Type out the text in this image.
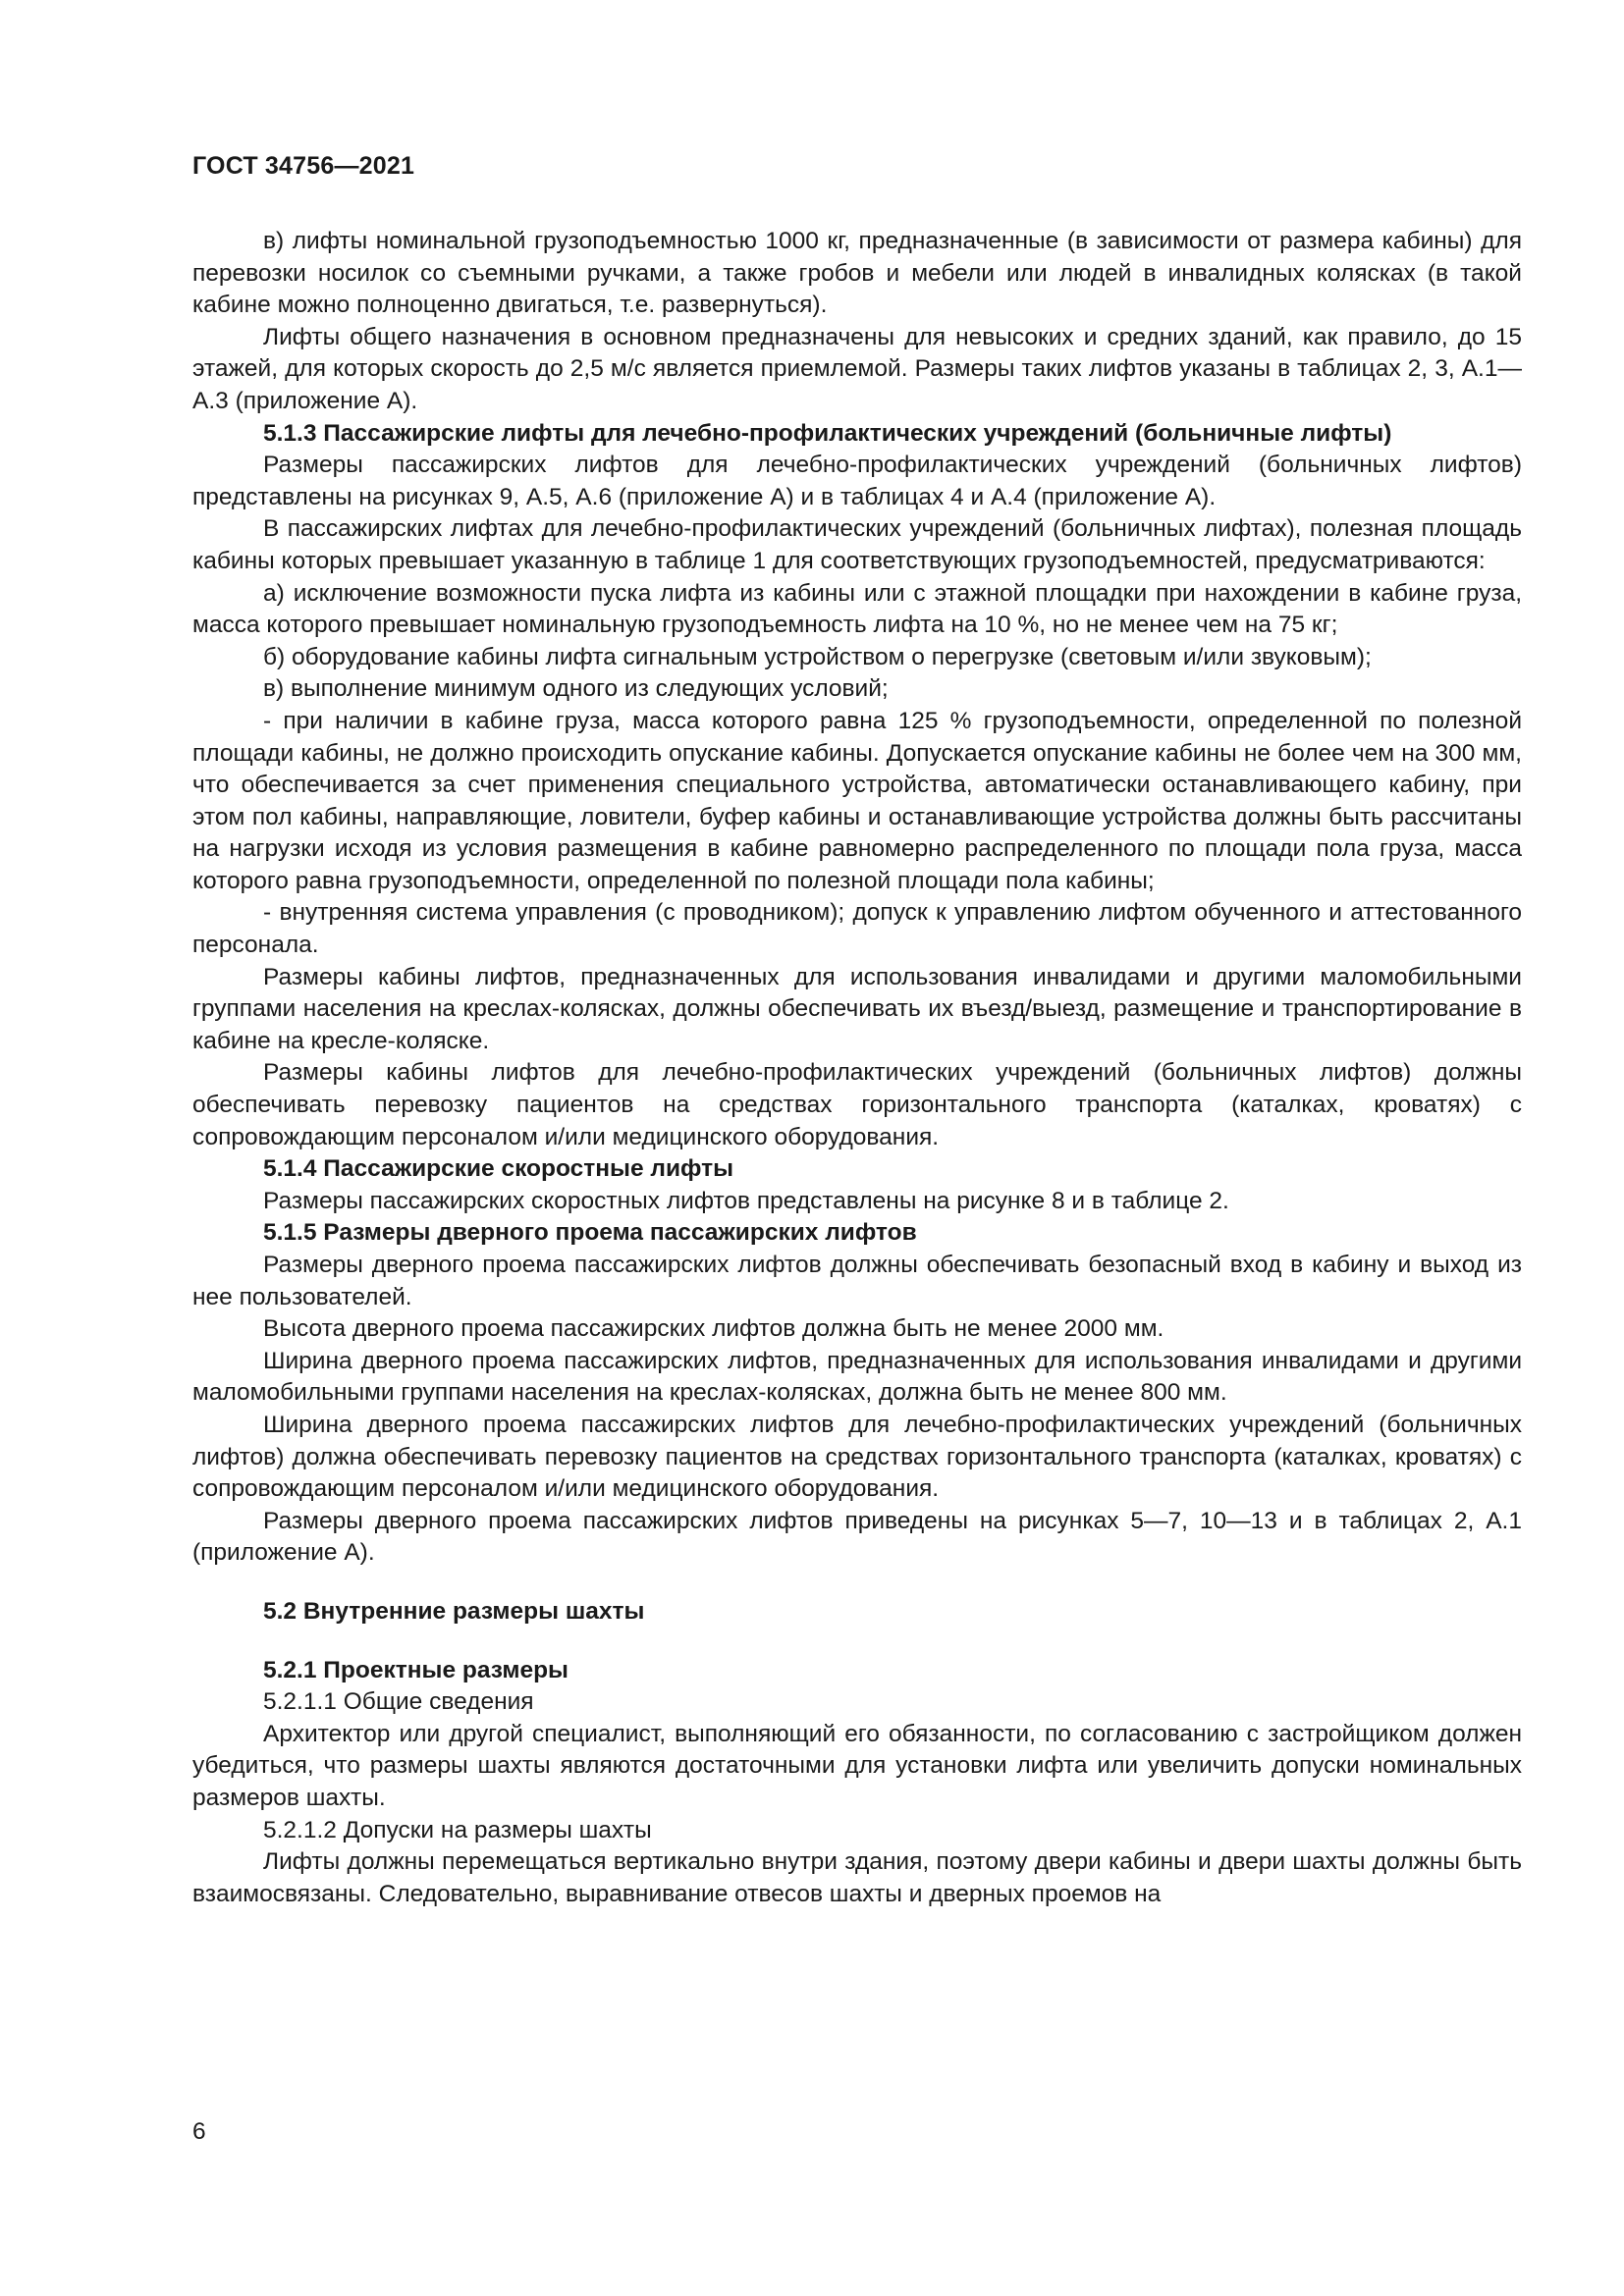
ГОСТ 34756—2021

в) лифты номинальной грузоподъемностью 1000 кг, предназначенные (в зависимости от размера кабины) для перевозки носилок со съемными ручками, а также гробов и мебели или людей в инвалидных колясках (в такой кабине можно полноценно двигаться, т.е. развернуться).

Лифты общего назначения в основном предназначены для невысоких и средних зданий, как правило, до 15 этажей, для которых скорость до 2,5 м/с является приемлемой. Размеры таких лифтов указаны в таблицах 2, 3, А.1—А.3 (приложение А).

5.1.3 Пассажирские лифты для лечебно-профилактических учреждений (больничные лифты)

Размеры пассажирских лифтов для лечебно-профилактических учреждений (больничных лифтов) представлены на рисунках 9, А.5, А.6 (приложение А) и в таблицах 4 и А.4 (приложение А).

В пассажирских лифтах для лечебно-профилактических учреждений (больничных лифтах), полезная площадь кабины которых превышает указанную в таблице 1 для соответствующих грузоподъемностей, предусматриваются:

а) исключение возможности пуска лифта из кабины или с этажной площадки при нахождении в кабине груза, масса которого превышает номинальную грузоподъемность лифта на 10 %, но не менее чем на 75 кг;

б) оборудование кабины лифта сигнальным устройством о перегрузке (световым и/или звуковым);

в) выполнение минимум одного из следующих условий;

- при наличии в кабине груза, масса которого равна 125 % грузоподъемности, определенной по полезной площади кабины, не должно происходить опускание кабины. Допускается опускание кабины не более чем на 300 мм, что обеспечивается за счет применения специального устройства, автоматически останавливающего кабину, при этом пол кабины, направляющие, ловители, буфер кабины и останавливающие устройства должны быть рассчитаны на нагрузки исходя из условия размещения в кабине равномерно распределенного по площади пола груза, масса которого равна грузоподъемности, определенной по полезной площади пола кабины;

- внутренняя система управления (с проводником); допуск к управлению лифтом обученного и аттестованного персонала.

Размеры кабины лифтов, предназначенных для использования инвалидами и другими маломобильными группами населения на креслах-колясках, должны обеспечивать их въезд/выезд, размещение и транспортирование в кабине на кресле-коляске.

Размеры кабины лифтов для лечебно-профилактических учреждений (больничных лифтов) должны обеспечивать перевозку пациентов на средствах горизонтального транспорта (каталках, кроватях) с сопровождающим персоналом и/или медицинского оборудования.

5.1.4 Пассажирские скоростные лифты

Размеры пассажирских скоростных лифтов представлены на рисунке 8 и в таблице 2.

5.1.5 Размеры дверного проема пассажирских лифтов

Размеры дверного проема пассажирских лифтов должны обеспечивать безопасный вход в кабину и выход из нее пользователей.

Высота дверного проема пассажирских лифтов должна быть не менее 2000 мм.

Ширина дверного проема пассажирских лифтов, предназначенных для использования инвалидами и другими маломобильными группами населения на креслах-колясках, должна быть не менее 800 мм.

Ширина дверного проема пассажирских лифтов для лечебно-профилактических учреждений (больничных лифтов) должна обеспечивать перевозку пациентов на средствах горизонтального транспорта (каталках, кроватях) с сопровождающим персоналом и/или медицинского оборудования.

Размеры дверного проема пассажирских лифтов приведены на рисунках 5—7, 10—13 и в таблицах 2, А.1 (приложение А).

5.2 Внутренние размеры шахты

5.2.1 Проектные размеры

5.2.1.1 Общие сведения

Архитектор или другой специалист, выполняющий его обязанности, по согласованию с застройщиком должен убедиться, что размеры шахты являются достаточными для установки лифта или увеличить допуски номинальных размеров шахты.

5.2.1.2 Допуски на размеры шахты

Лифты должны перемещаться вертикально внутри здания, поэтому двери кабины и двери шахты должны быть взаимосвязаны. Следовательно, выравнивание отвесов шахты и дверных проемов на

6
